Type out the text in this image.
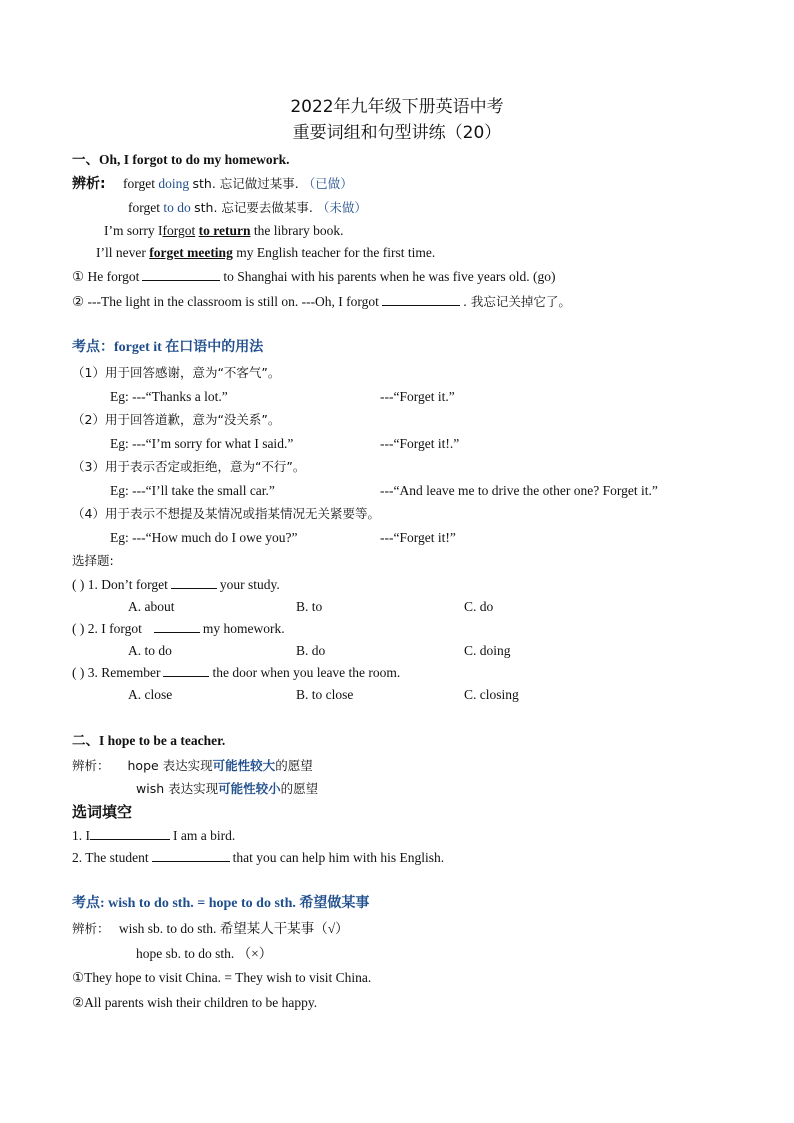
2022年九年级下册英语中考
重要词组和句型讲练（20）
一、Oh, I forgot to do my homework.
辨析: forget doing sth. 忘记做过某事. （已做）
forget to do sth. 忘记要去做某事. （未做）
I’m sorry Iforgot to return the library book.
I’ll never forget meeting my English teacher for the first time.
① He forgot	to Shanghai with his parents when he was five years old. (go)
② ---The light in the classroom is still on. ---Oh, I forgot	. 我忘记关掉它了。
考点：forget it 在口语中的用法
（1）用于回答感谢，意为“不客气”。
Eg: ---“Thanks a lot.”	---“Forget it.”
（2）用于回答道歉，意为“没关系”。
Eg: ---“I’m sorry for what I said.”	---“Forget it!.”
（3）用于表示否定或拒绝，意为“不行”。
Eg: ---“I’ll take the small car.”	---“And leave me to drive the other one? Forget it.”
（4）用于表示不想提及某情况或指某情况无关紧要等。
Eg: ---“How much do I owe you?”	---“Forget it!”
选择题:
( ) 1. Don’t forget	your study.
A. about	B. to	C. do
( ) 2. I forgot	my homework.
A. to do	B. do	C. doing
( ) 3. Remember	the door when you leave the room.
A. close	B. to close	C. closing
二、I hope to be a teacher.
辨析： hope 表达实现可能性较大的愿望
wish 表达实现可能性较小的愿望
选词填空
1. I	I am a bird.
2. The student	that you can help him with his English.
考点: wish to do sth. = hope to do sth. 希望做某事
辨析： wish sb. to do sth. 希望某人干某事（√）
hope sb. to do sth. （×）
①They hope to visit China. = They wish to visit China.
②All parents wish their children to be happy.
